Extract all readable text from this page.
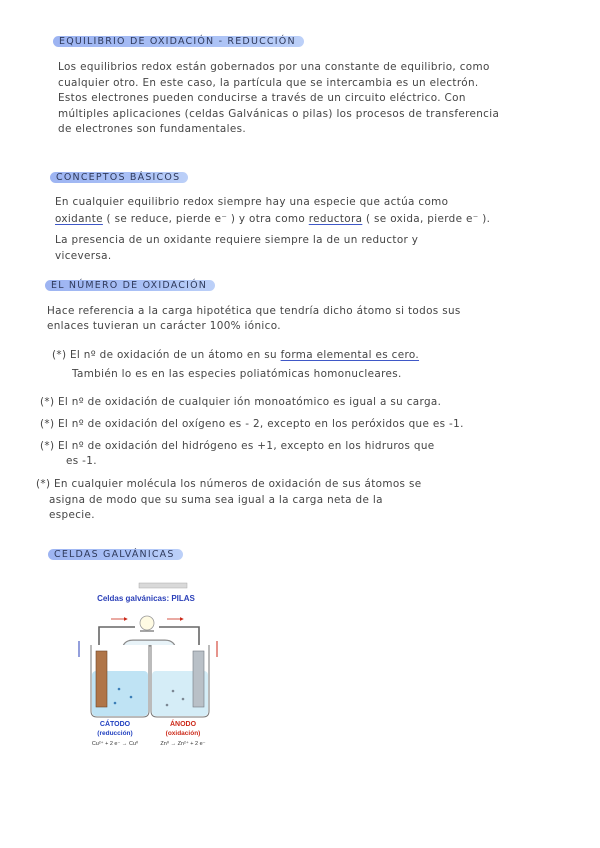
EQUILIBRIO DE OXIDACIÓN - REDUCCIÓN
Los equilibrios redox están gobernados por una constante de equilibrio, como
cualquier otro. En este caso, la partícula que se intercambia es un electrón.
Estos electrones pueden conducirse a través de un circuito eléctrico. Con
múltiples aplicaciones (celdas Galvánicas o pilas) los procesos de transferencia
de electrones son fundamentales.
CONCEPTOS BÁSICOS
En cualquier equilibrio redox siempre hay una especie que actúa como
oxidante ( se reduce, pierde e⁻ ) y otra como reductora ( se oxida, pierde e⁻ ).
La presencia de un oxidante requiere siempre la de un reductor y
viceversa.
EL NÚMERO DE OXIDACIÓN
Hace referencia a la carga hipotética que tendría dicho átomo si todos sus
enlaces tuvieran un carácter 100% iónico.
(*) El nº de oxidación de un átomo en su forma elemental es cero.
También lo es en las especies poliatómicas homonucleares.
(*) El nº de oxidación de cualquier ión monoatómico es igual a su carga.
(*) El nº de oxidación del oxígeno es - 2, excepto en los peróxidos que es -1.
(*) El nº de oxidación del hidrógeno es +1, excepto en los hidruros que
es -1.
(*) En cualquier molécula los números de oxidación de sus átomos se
asigna de modo que su suma sea igual a la carga neta de la
especie.
CELDAS GALVÁNICAS
Celdas galvánicas: PILAS
CÁTODO
(reducción)
Cu²⁺ + 2 e⁻ → Cu⁰
ÁNODO
(oxidación)
Zn⁰ → Zn²⁺ + 2 e⁻
